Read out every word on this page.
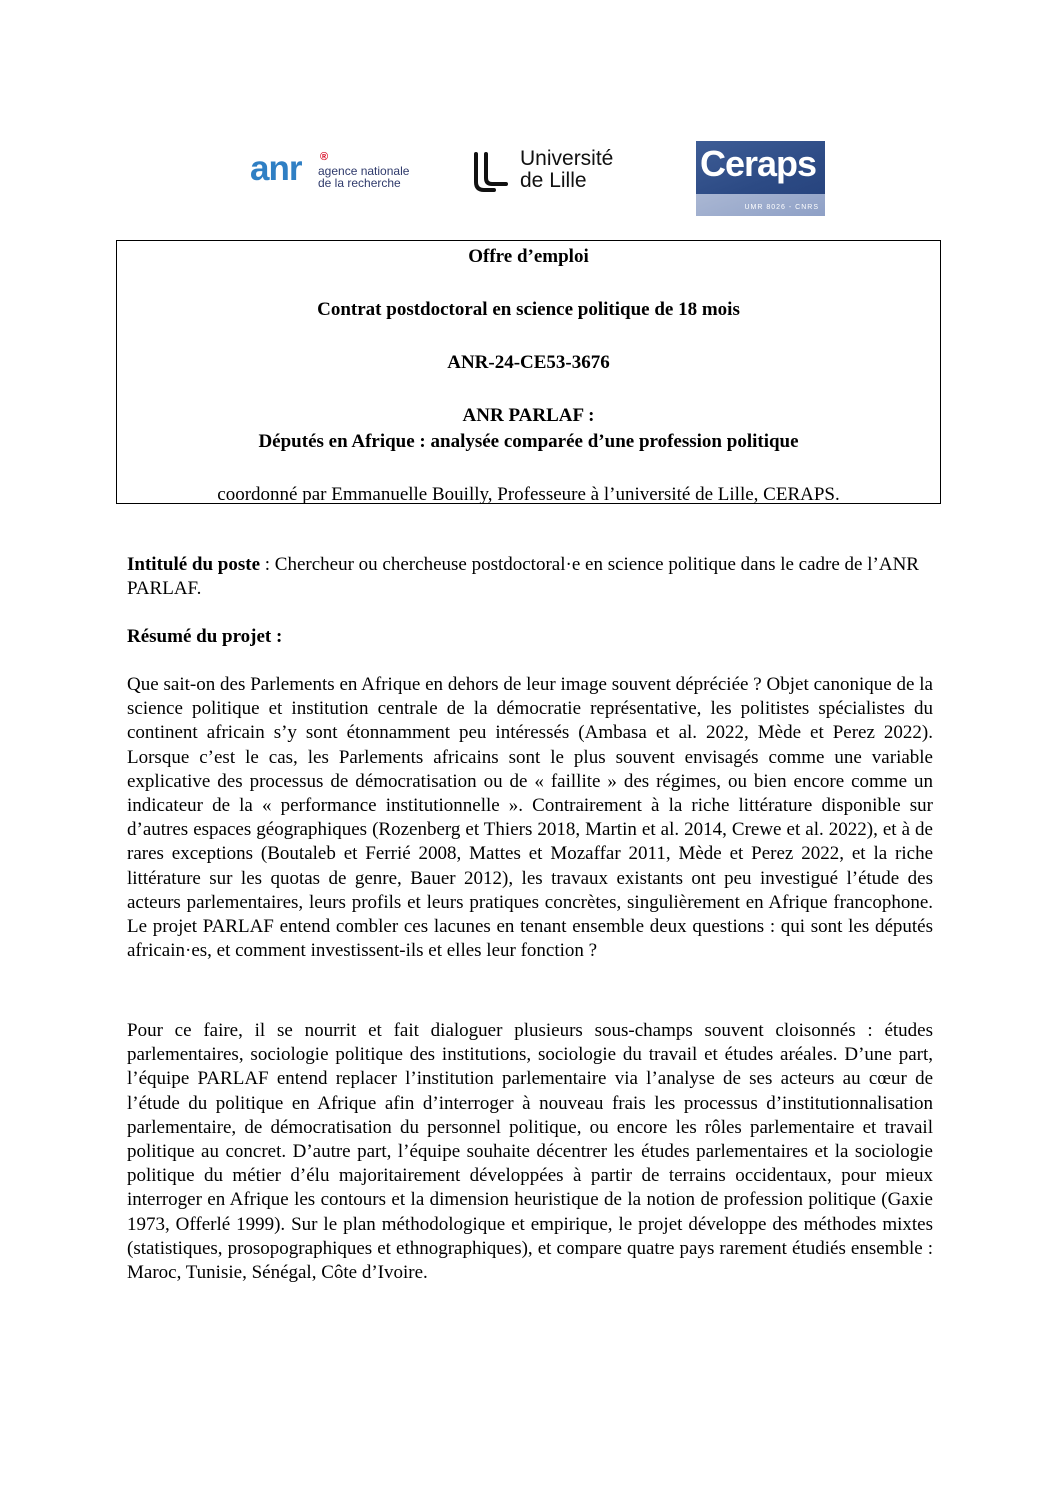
anr ®
agence nationale
de la recherche
Université
de Lille	Ceraps
UMR 8026 - CNRS
Offre d’emploi
Contrat postdoctoral en science politique de 18 mois
ANR-24-CE53-3676
ANR PARLAF :
Députés en Afrique : analysée comparée d’une profession politique
coordonné par Emmanuelle Bouilly, Professeure à l’université de Lille, CERAPS.
Intitulé du poste : Chercheur ou chercheuse postdoctoral·e en science politique dans le cadre de l’ANR PARLAF.
Résumé du projet :
Que sait-on des Parlements en Afrique en dehors de leur image souvent dépréciée ? Objet canonique de la science politique et institution centrale de la démocratie représentative, les politistes spécialistes du continent africain s’y sont étonnamment peu intéressés (Ambasa et al. 2022, Mède et Perez 2022). Lorsque c’est le cas, les Parlements africains sont le plus souvent envisagés comme une variable explicative des processus de démocratisation ou de « faillite » des régimes, ou bien encore comme un indicateur de la « performance institutionnelle ». Contrairement à la riche littérature disponible sur d’autres espaces géographiques (Rozenberg et Thiers 2018, Martin et al. 2014, Crewe et al. 2022), et à de rares exceptions (Boutaleb et Ferrié 2008, Mattes et Mozaffar 2011, Mède et Perez 2022, et la riche littérature sur les quotas de genre, Bauer 2012), les travaux existants ont peu investigué l’étude des acteurs parlementaires, leurs profils et leurs pratiques concrètes, singulièrement en Afrique francophone. Le projet PARLAF entend combler ces lacunes en tenant ensemble deux questions : qui sont les députés africain·es, et comment investissent-ils et elles leur fonction ?
Pour ce faire, il se nourrit et fait dialoguer plusieurs sous-champs souvent cloisonnés : études parlementaires, sociologie politique des institutions, sociologie du travail et études aréales. D’une part, l’équipe PARLAF entend replacer l’institution parlementaire via l’analyse de ses acteurs au cœur de l’étude du politique en Afrique afin d’interroger à nouveau frais les processus d’institutionnalisation parlementaire, de démocratisation du personnel politique, ou encore les rôles parlementaire et travail politique au concret. D’autre part, l’équipe souhaite décentrer les études parlementaires et la sociologie politique du métier d’élu majoritairement développées à partir de terrains occidentaux, pour mieux interroger en Afrique les contours et la dimension heuristique de la notion de profession politique (Gaxie 1973, Offerlé 1999). Sur le plan méthodologique et empirique, le projet développe des méthodes mixtes (statistiques, prosopographiques et ethnographiques), et compare quatre pays rarement étudiés ensemble : Maroc, Tunisie, Sénégal, Côte d’Ivoire.
